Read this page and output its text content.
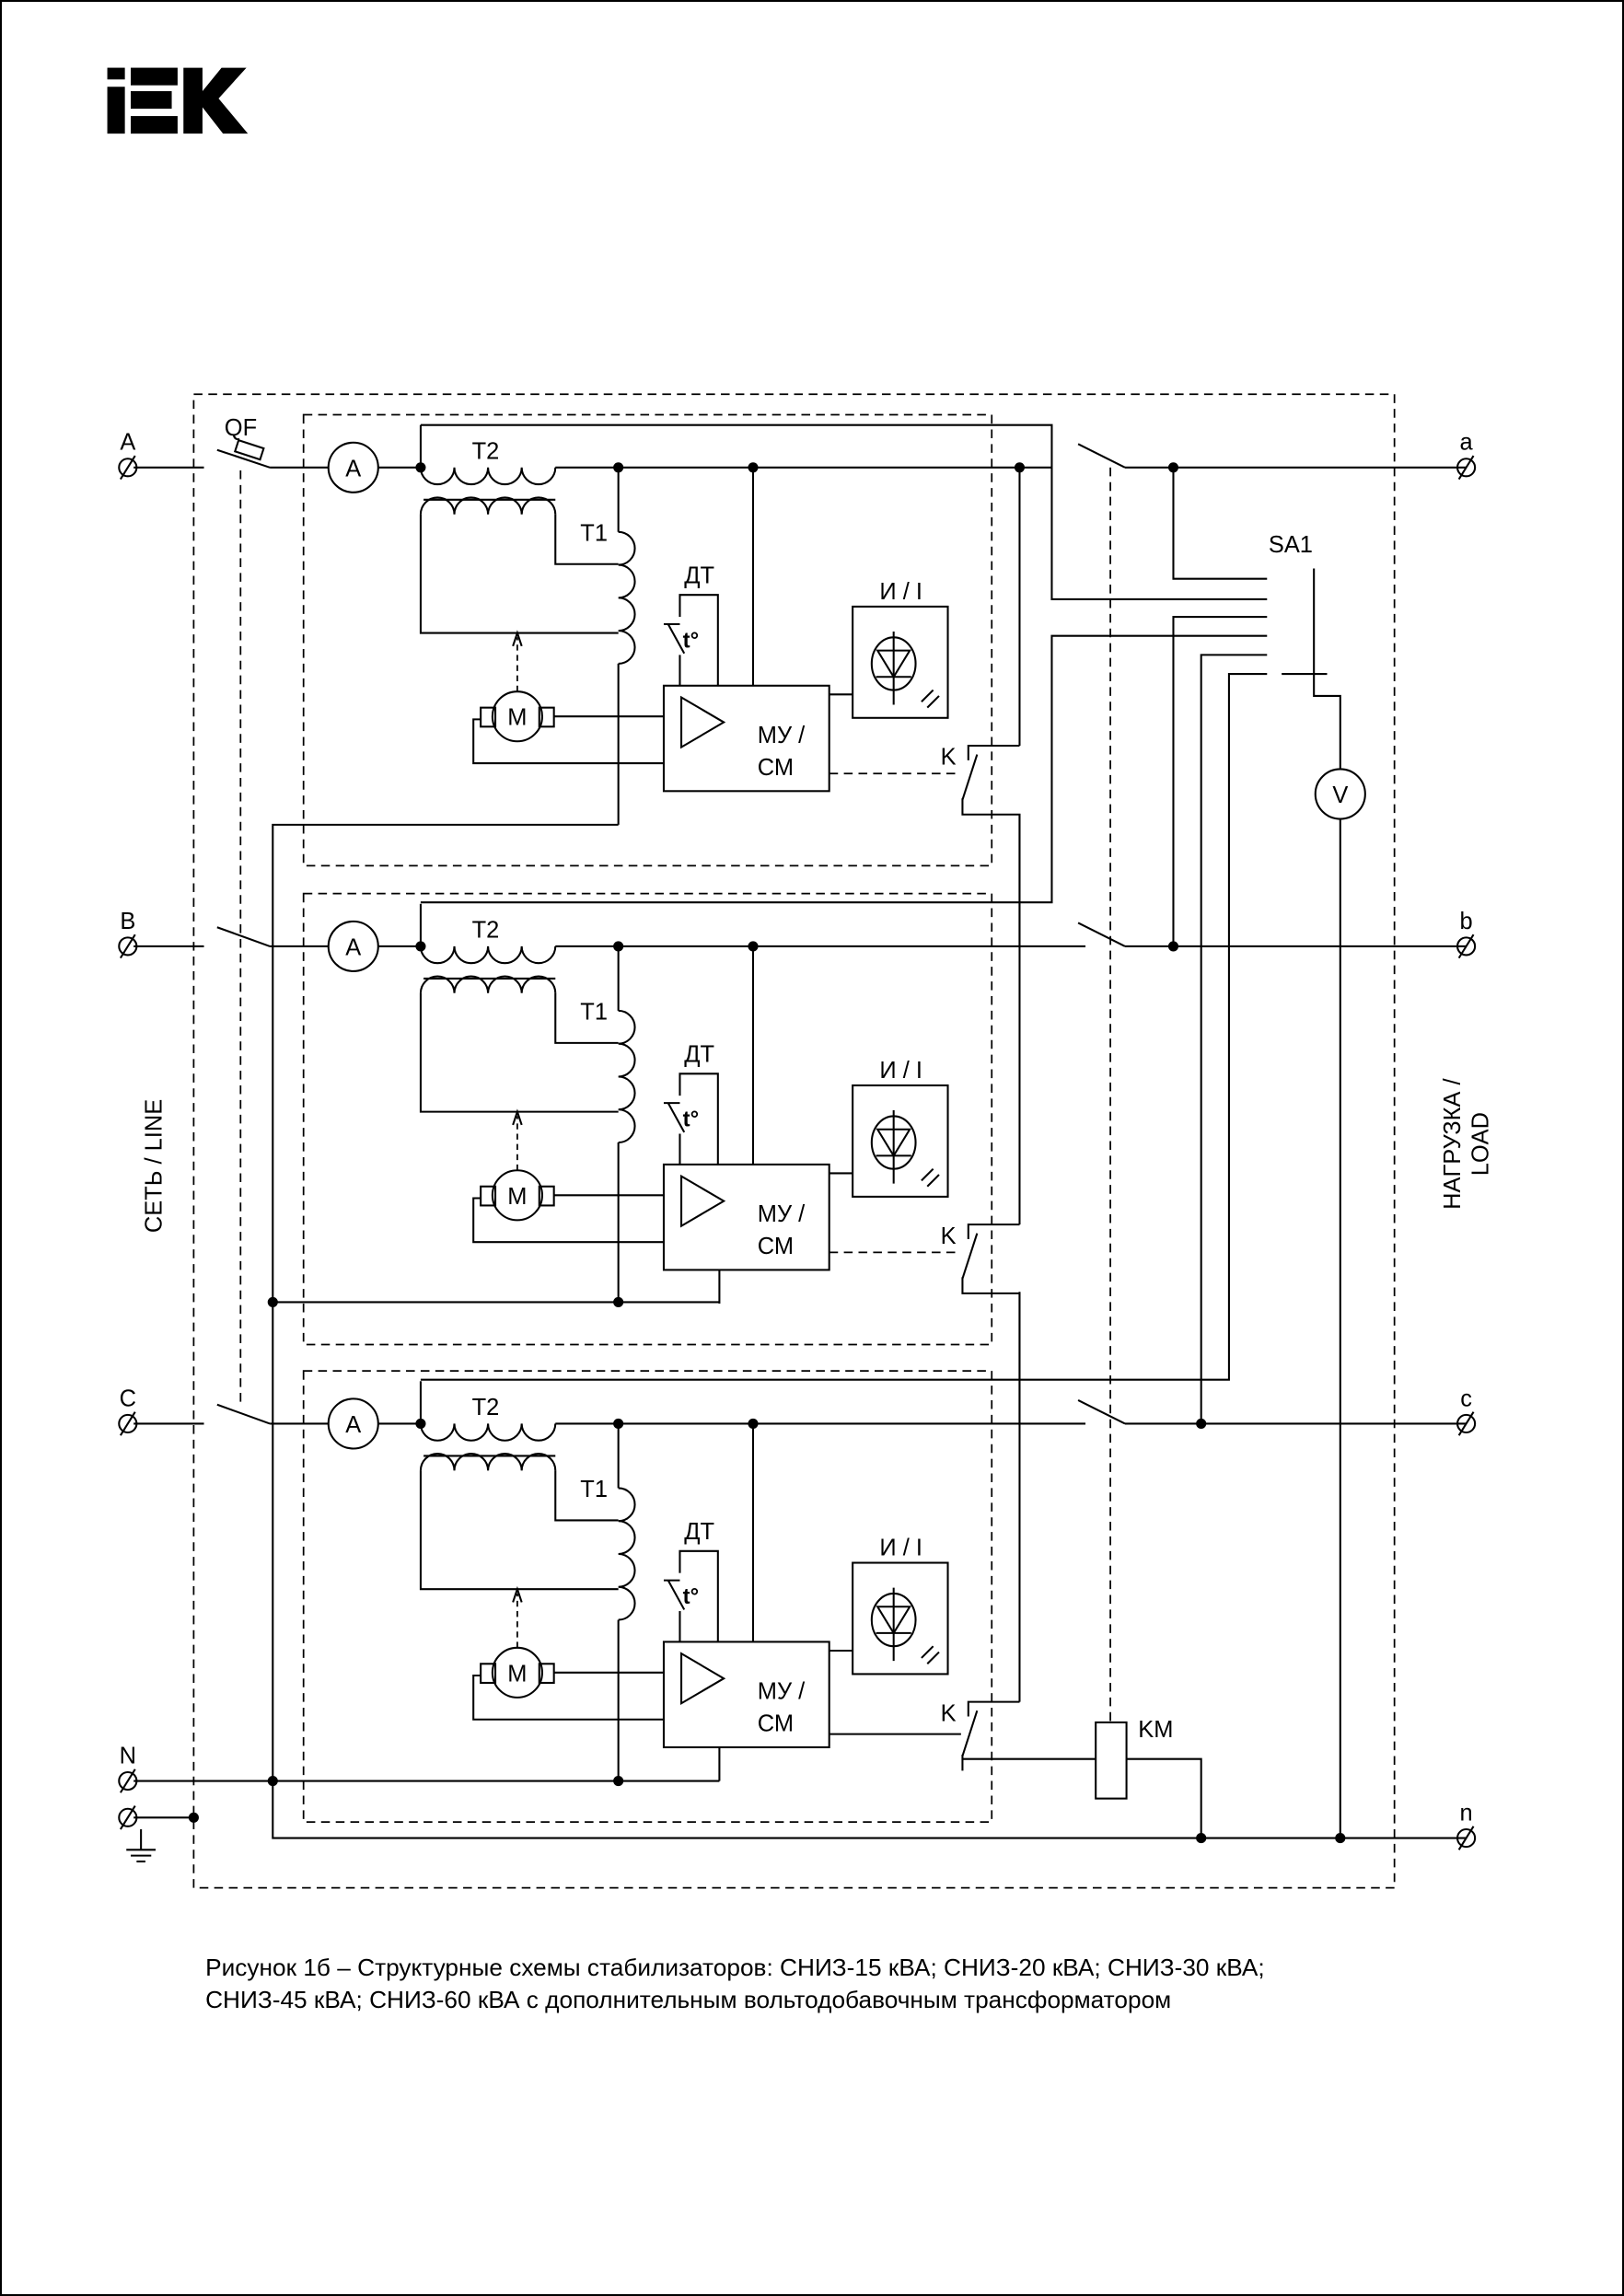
A
T2
T1
ДТ
t°
M
МУ /
СМ
И / I
K
A
T2
T1
ДТ
t°
M
МУ /
СМ
И / I
K
A
T2
T1
ДТ
t°
M
МУ /
СМ
И / I
K
QF
A
B
C
N
a
b
c
n
SA1
V
KM
СЕТЬ / LINE	НАГРУЗКА / LOAD
Рисунок 1б – Структурные схемы стабилизаторов: СНИЗ-15 кВА; СНИЗ-20 кВА; СНИЗ-30 кВА;
СНИЗ-45 кВА; СНИЗ-60 кВА с дополнительным вольтодобавочным трансформатором
